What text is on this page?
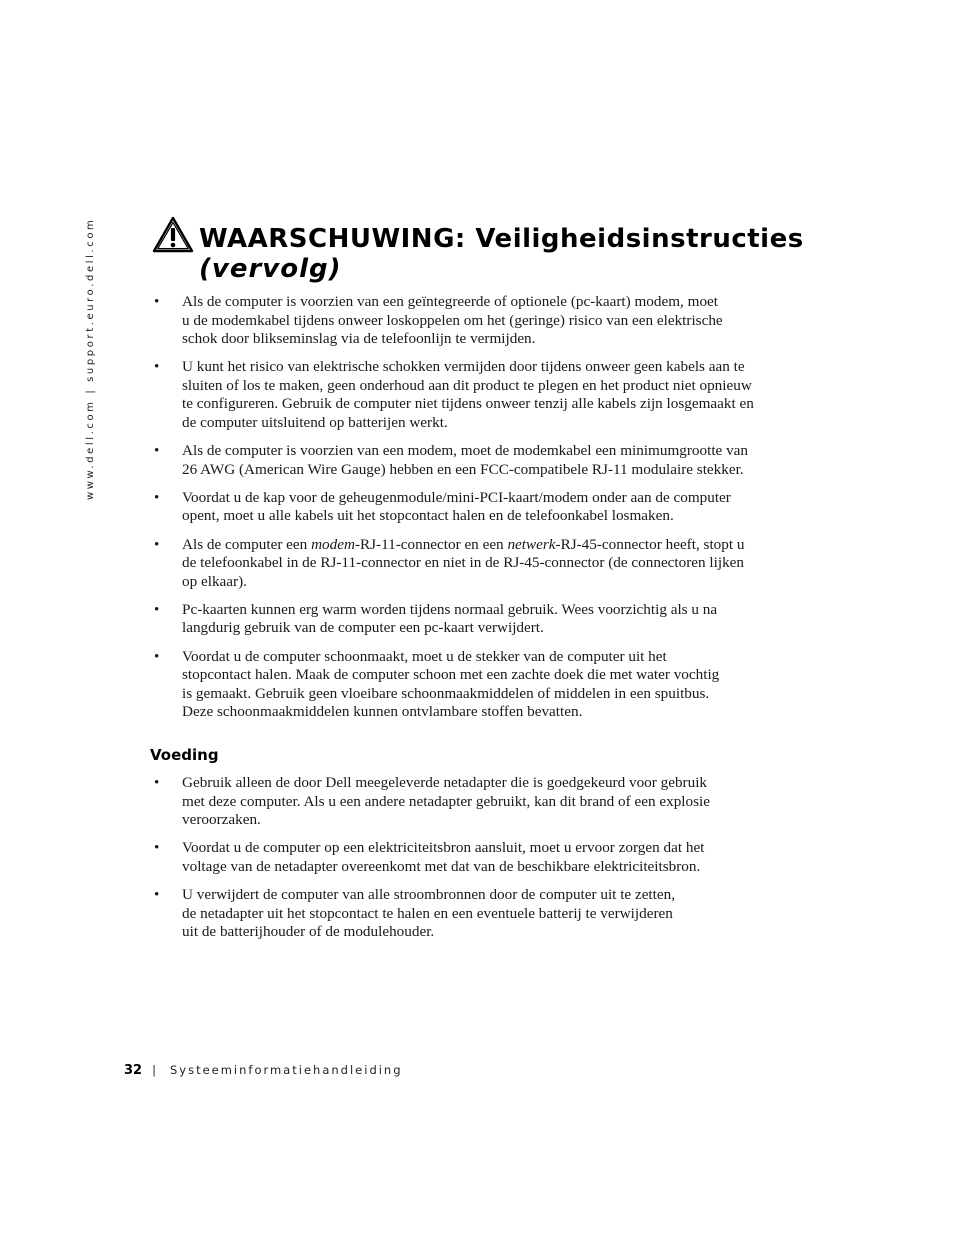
www.dell.com | support.euro.dell.com	WAARSCHUWING: Veiligheidsinstructies
(vervolg)
• Als de computer is voorzien van een geïntegreerde of optionele (pc-kaart) modem, moet
u de modemkabel tijdens onweer loskoppelen om het (geringe) risico van een elektrische
schok door blikseminslag via de telefoonlijn te vermijden.
• U kunt het risico van elektrische schokken vermijden door tijdens onweer geen kabels aan te
sluiten of los te maken, geen onderhoud aan dit product te plegen en het product niet opnieuw
te configureren. Gebruik de computer niet tijdens onweer tenzij alle kabels zijn losgemaakt en
de computer uitsluitend op batterijen werkt.
• Als de computer is voorzien van een modem, moet de modemkabel een minimumgrootte van
26 AWG (American Wire Gauge) hebben en een FCC-compatibele RJ-11 modulaire stekker.
• Voordat u de kap voor de geheugenmodule/mini-PCI-kaart/modem onder aan de computer
opent, moet u alle kabels uit het stopcontact halen en de telefoonkabel losmaken.
• Als de computer een modem-RJ-11-connector en een netwerk-RJ-45-connector heeft, stopt u
de telefoonkabel in de RJ-11-connector en niet in de RJ-45-connector (de connectoren lijken
op elkaar).
• Pc-kaarten kunnen erg warm worden tijdens normaal gebruik. Wees voorzichtig als u na
langdurig gebruik van de computer een pc-kaart verwijdert.
• Voordat u de computer schoonmaakt, moet u de stekker van de computer uit het
stopcontact halen. Maak de computer schoon met een zachte doek die met water vochtig
is gemaakt. Gebruik geen vloeibare schoonmaakmiddelen of middelen in een spuitbus.
Deze schoonmaakmiddelen kunnen ontvlambare stoffen bevatten.
Voeding
• Gebruik alleen de door Dell meegeleverde netadapter die is goedgekeurd voor gebruik
met deze computer. Als u een andere netadapter gebruikt, kan dit brand of een explosie
veroorzaken.
• Voordat u de computer op een elektriciteitsbron aansluit, moet u ervoor zorgen dat het
voltage van de netadapter overeenkomt met dat van de beschikbare elektriciteitsbron.
• U verwijdert de computer van alle stroombronnen door de computer uit te zetten,
de netadapter uit het stopcontact te halen en een eventuele batterij te verwijderen
uit de batterijhouder of de modulehouder.
32 | Systeeminformatiehandleiding
